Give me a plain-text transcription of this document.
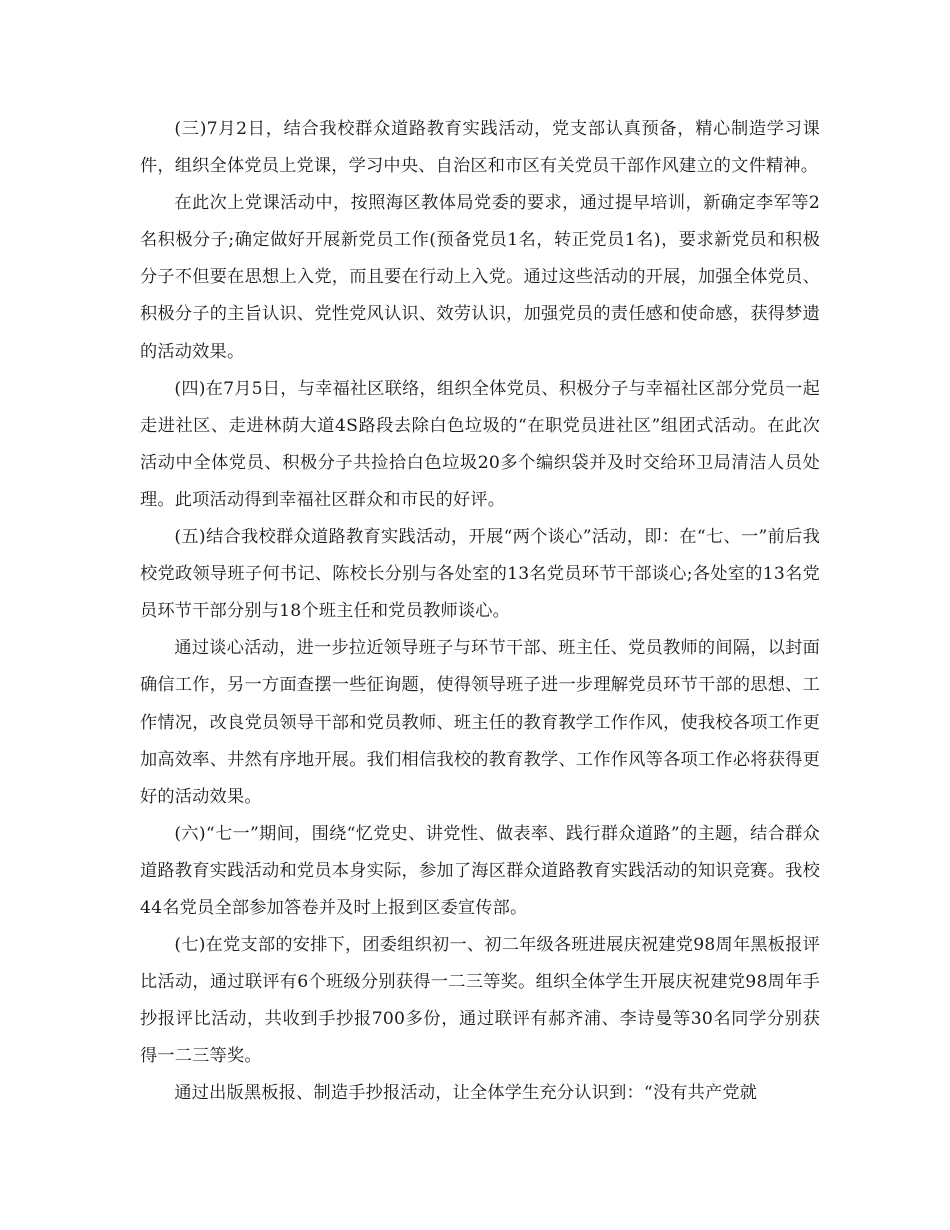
(三)7月2日，结合我校群众道路教育实践活动，党支部认真预备，精心制造学习课件，组织全体党员上党课，学习中央、自治区和市区有关党员干部作风建立的文件精神。

在此次上党课活动中，按照海区教体局党委的要求，通过提早培训，新确定李军等2名积极分子;确定做好开展新党员工作(预备党员1名，转正党员1名)，要求新党员和积极分子不但要在思想上入党，而且要在行动上入党。通过这些活动的开展，加强全体党员、积极分子的主旨认识、党性党风认识、效劳认识，加强党员的责任感和使命感，获得梦遗的活动效果。

(四)在7月5日，与幸福社区联络，组织全体党员、积极分子与幸福社区部分党员一起走进社区、走进林荫大道4S路段去除白色垃圾的“在职党员进社区”组团式活动。在此次活动中全体党员、积极分子共捡拾白色垃圾20多个编织袋并及时交给环卫局清洁人员处理。此项活动得到幸福社区群众和市民的好评。

(五)结合我校群众道路教育实践活动，开展“两个谈心”活动，即：在“七、一”前后我校党政领导班子何书记、陈校长分别与各处室的13名党员环节干部谈心;各处室的13名党员环节干部分别与18个班主任和党员教师谈心。

通过谈心活动，进一步拉近领导班子与环节干部、班主任、党员教师的间隔，以封面确信工作，另一方面查摆一些征询题，使得领导班子进一步理解党员环节干部的思想、工作情况，改良党员领导干部和党员教师、班主任的教育教学工作作风，使我校各项工作更加高效率、井然有序地开展。我们相信我校的教育教学、工作作风等各项工作必将获得更好的活动效果。

(六)“七一”期间，围绕“忆党史、讲党性、做表率、践行群众道路”的主题，结合群众道路教育实践活动和党员本身实际，参加了海区群众道路教育实践活动的知识竞赛。我校44名党员全部参加答卷并及时上报到区委宣传部。

(七)在党支部的安排下，团委组织初一、初二年级各班进展庆祝建党98周年黑板报评比活动，通过联评有6个班级分别获得一二三等奖。组织全体学生开展庆祝建党98周年手抄报评比活动，共收到手抄报700多份，通过联评有郝齐浦、李诗曼等30名同学分别获得一二三等奖。

通过出版黑板报、制造手抄报活动，让全体学生充分认识到：“没有共产党就
